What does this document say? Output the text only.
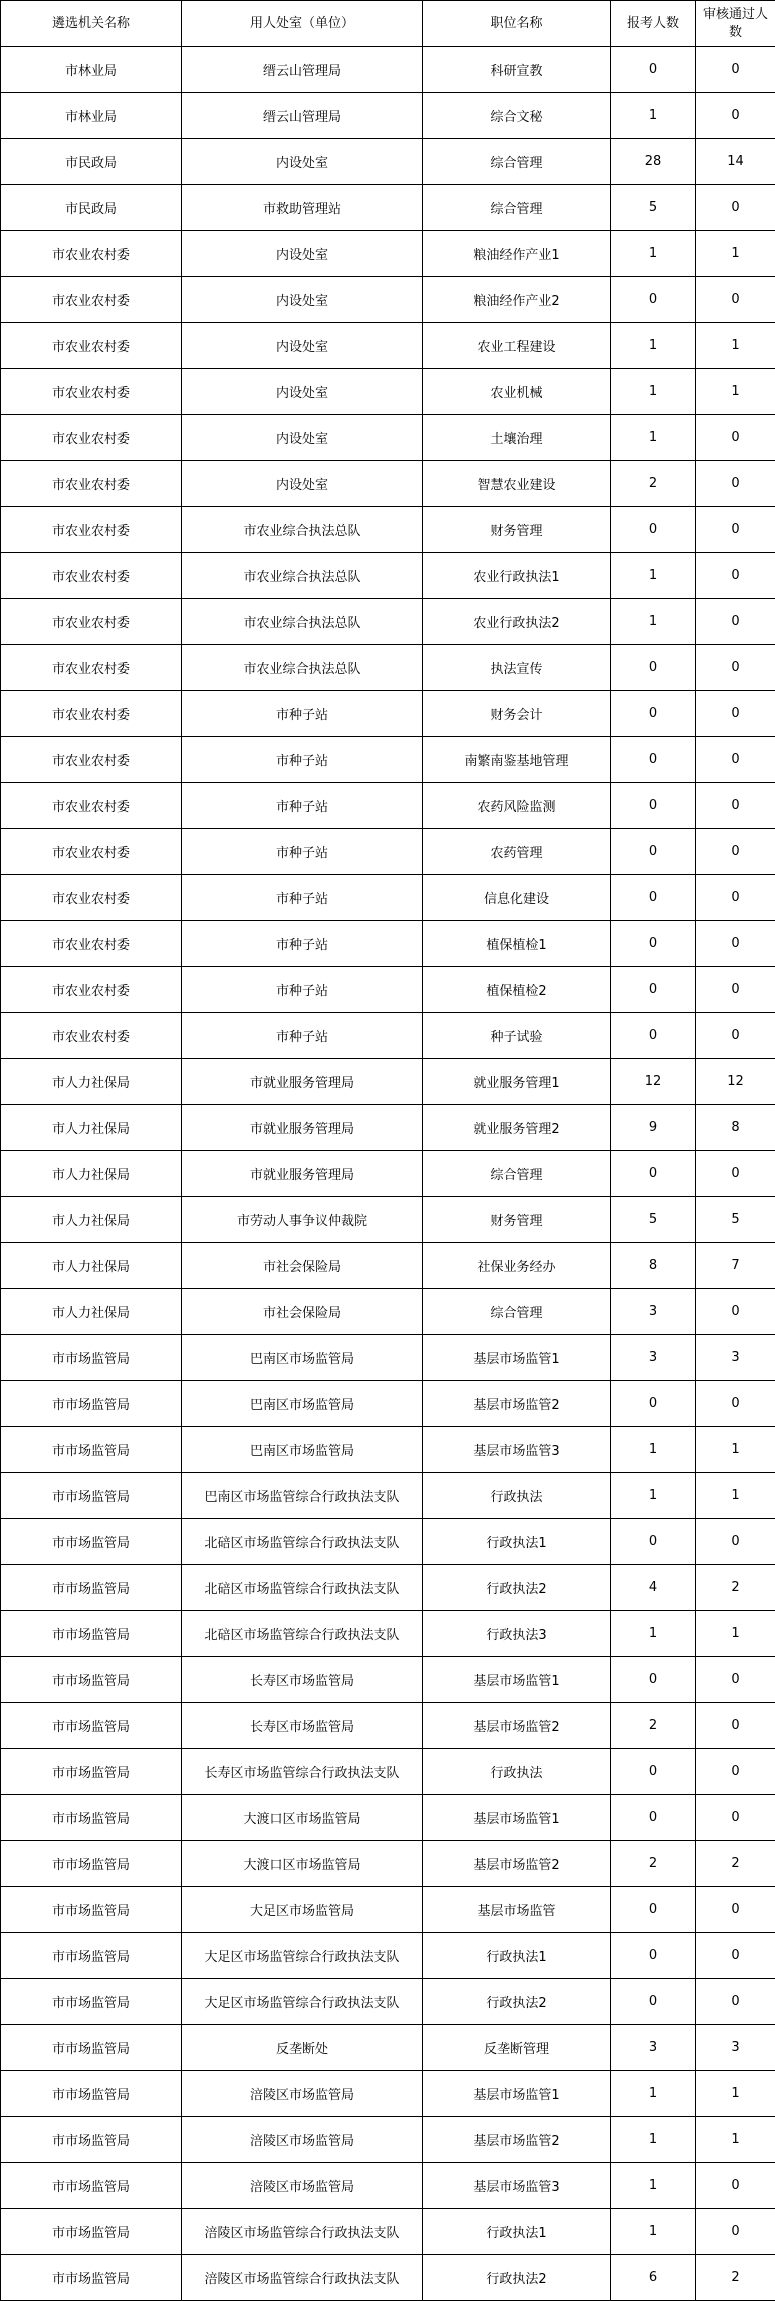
遴选机关名称	用人处室（单位）	职位名称	报考人数	审核通过人数
市林业局	缙云山管理局	科研宣教	0	0
市林业局	缙云山管理局	综合文秘	1	0
市民政局	内设处室	综合管理	28	14
市民政局	市救助管理站	综合管理	5	0
市农业农村委	内设处室	粮油经作产业1	1	1
市农业农村委	内设处室	粮油经作产业2	0	0
市农业农村委	内设处室	农业工程建设	1	1
市农业农村委	内设处室	农业机械	1	1
市农业农村委	内设处室	土壤治理	1	0
市农业农村委	内设处室	智慧农业建设	2	0
市农业农村委	市农业综合执法总队	财务管理	0	0
市农业农村委	市农业综合执法总队	农业行政执法1	1	0
市农业农村委	市农业综合执法总队	农业行政执法2	1	0
市农业农村委	市农业综合执法总队	执法宣传	0	0
市农业农村委	市种子站	财务会计	0	0
市农业农村委	市种子站	南繁南鉴基地管理	0	0
市农业农村委	市种子站	农药风险监测	0	0
市农业农村委	市种子站	农药管理	0	0
市农业农村委	市种子站	信息化建设	0	0
市农业农村委	市种子站	植保植检1	0	0
市农业农村委	市种子站	植保植检2	0	0
市农业农村委	市种子站	种子试验	0	0
市人力社保局	市就业服务管理局	就业服务管理1	12	12
市人力社保局	市就业服务管理局	就业服务管理2	9	8
市人力社保局	市就业服务管理局	综合管理	0	0
市人力社保局	市劳动人事争议仲裁院	财务管理	5	5
市人力社保局	市社会保险局	社保业务经办	8	7
市人力社保局	市社会保险局	综合管理	3	0
市市场监管局	巴南区市场监管局	基层市场监管1	3	3
市市场监管局	巴南区市场监管局	基层市场监管2	0	0
市市场监管局	巴南区市场监管局	基层市场监管3	1	1
市市场监管局	巴南区市场监管综合行政执法支队	行政执法	1	1
市市场监管局	北碚区市场监管综合行政执法支队	行政执法1	0	0
市市场监管局	北碚区市场监管综合行政执法支队	行政执法2	4	2
市市场监管局	北碚区市场监管综合行政执法支队	行政执法3	1	1
市市场监管局	长寿区市场监管局	基层市场监管1	0	0
市市场监管局	长寿区市场监管局	基层市场监管2	2	0
市市场监管局	长寿区市场监管综合行政执法支队	行政执法	0	0
市市场监管局	大渡口区市场监管局	基层市场监管1	0	0
市市场监管局	大渡口区市场监管局	基层市场监管2	2	2
市市场监管局	大足区市场监管局	基层市场监管	0	0
市市场监管局	大足区市场监管综合行政执法支队	行政执法1	0	0
市市场监管局	大足区市场监管综合行政执法支队	行政执法2	0	0
市市场监管局	反垄断处	反垄断管理	3	3
市市场监管局	涪陵区市场监管局	基层市场监管1	1	1
市市场监管局	涪陵区市场监管局	基层市场监管2	1	1
市市场监管局	涪陵区市场监管局	基层市场监管3	1	0
市市场监管局	涪陵区市场监管综合行政执法支队	行政执法1	1	0
市市场监管局	涪陵区市场监管综合行政执法支队	行政执法2	6	2
